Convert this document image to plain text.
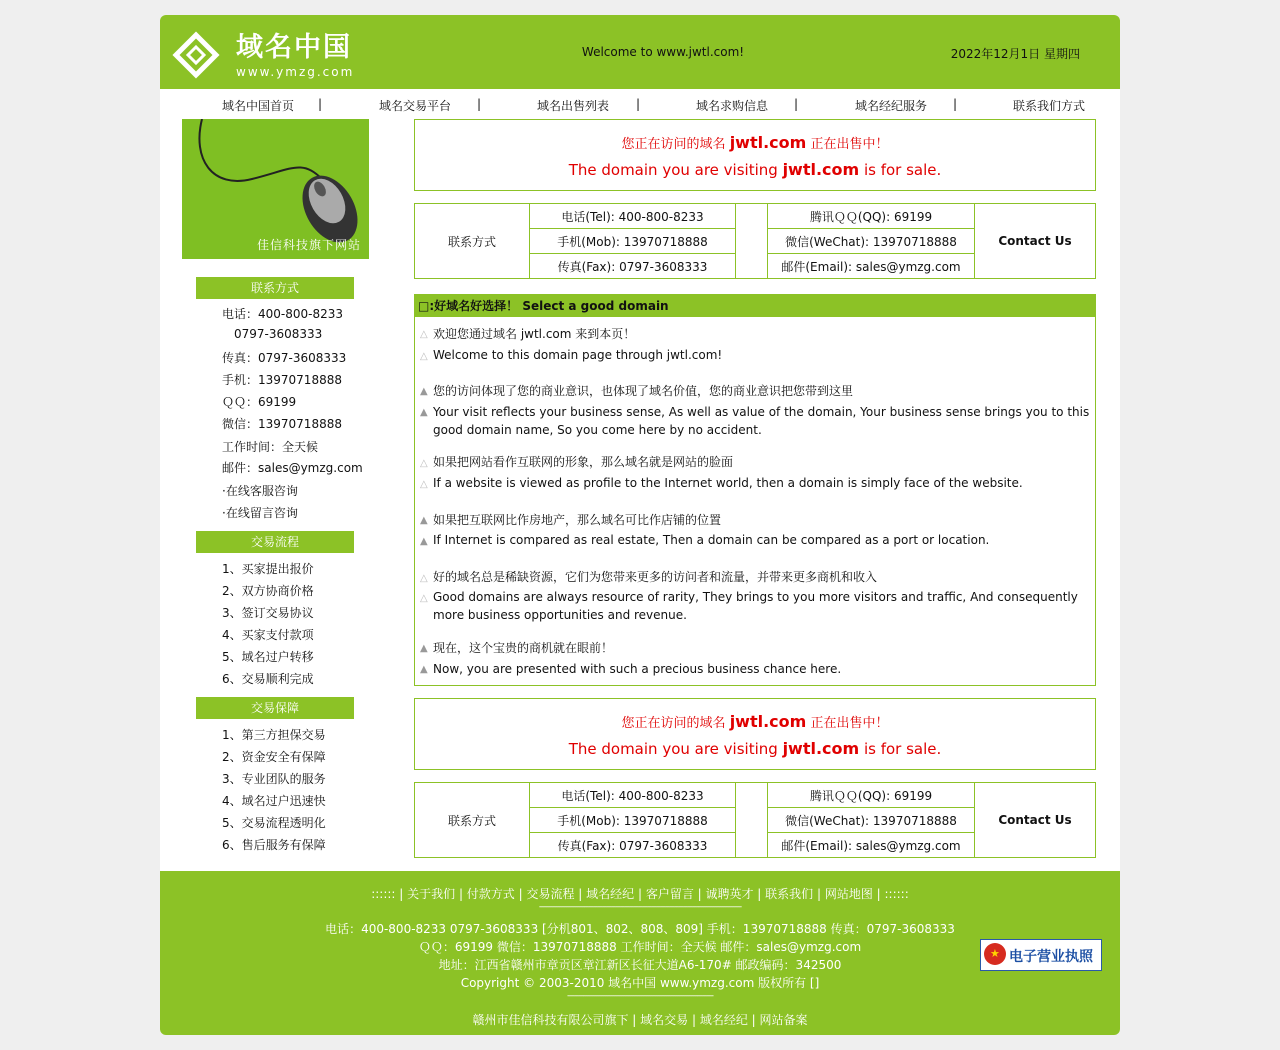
域名中国
www.ymzg.com
Welcome to www.jwtl.com!	2022年12月1日 星期四
域名中国首页 |	域名交易平台 |	域名出售列表 |	域名求购信息 |	域名经纪服务 |	联系我们方式
佳信科技旗下网站
联系方式
电话：400-800-8233
0797-3608333
传真：0797-3608333
手机：13970718888
ＱＱ：69199
微信：13970718888
工作时间：全天候
邮件：sales@ymzg.com
·在线客服咨询
·在线留言咨询
交易流程
1、买家提出报价
2、双方协商价格
3、签订交易协议
4、买家支付款项
5、域名过户转移
6、交易顺利完成
交易保障
1、第三方担保交易
2、资金安全有保障
3、专业团队的服务
4、域名过户迅速快
5、交易流程透明化
6、售后服务有保障
您正在访问的域名 jwtl.com 正在出售中！
The domain you are visiting jwtl.com is for sale.
联系方式	电话(Tel): 400-800-8233		腾讯ＱＱ(QQ): 69199	Contact Us
	手机(Mob): 13970718888		微信(WeChat): 13970718888	
	传真(Fax): 0797-3608333		邮件(Email): sales@ymzg.com	
□:好域名好选择！ Select a good domain
△ 欢迎您通过域名 jwtl.com 来到本页！
△ Welcome to this domain page through jwtl.com!
▲ 您的访问体现了您的商业意识，也体现了域名价值，您的商业意识把您带到这里
▲ Your visit reflects your business sense, As well as value of the domain, Your business sense brings you to this good domain name, So you come here by no accident.
△ 如果把网站看作互联网的形象，那么域名就是网站的脸面
△ If a website is viewed as profile to the Internet world, then a domain is simply face of the website.
▲ 如果把互联网比作房地产，那么域名可比作店铺的位置
▲ If Internet is compared as real estate, Then a domain can be compared as a port or location.
△ 好的域名总是稀缺资源，它们为您带来更多的访问者和流量，并带来更多商机和收入
△ Good domains are always resource of rarity, They brings to you more visitors and traffic, And consequently more business opportunities and revenue.
▲ 现在，这个宝贵的商机就在眼前！
▲ Now, you are presented with such a precious business chance here.
您正在访问的域名 jwtl.com 正在出售中！
The domain you are visiting jwtl.com is for sale.
联系方式	电话(Tel): 400-800-8233		腾讯ＱＱ(QQ): 69199	Contact Us
	手机(Mob): 13970718888		微信(WeChat): 13970718888	
	传真(Fax): 0797-3608333		邮件(Email): sales@ymzg.com	
:::::: | 关于我们 | 付款方式 | 交易流程 | 域名经纪 | 客户留言 | 诚聘英才 | 联系我们 | 网站地图 | ::::::
------------------------------------------------------------------------------------------
电话：400-800-8233 0797-3608333 [分机801、802、808、809] 手机：13970718888 传真：0797-3608333
ＱＱ：69199 微信：13970718888 工作时间：全天候 邮件：sales@ymzg.com
地址：江西省赣州市章贡区章江新区长征大道A6-170# 邮政编码：342500
Copyright © 2003-2010 域名中国 www.ymzg.com 版权所有 []
-----------------------------------------------------------------
赣州市佳信科技有限公司旗下 | 域名交易 | 域名经纪 | 网站备案
★ 电子营业执照
